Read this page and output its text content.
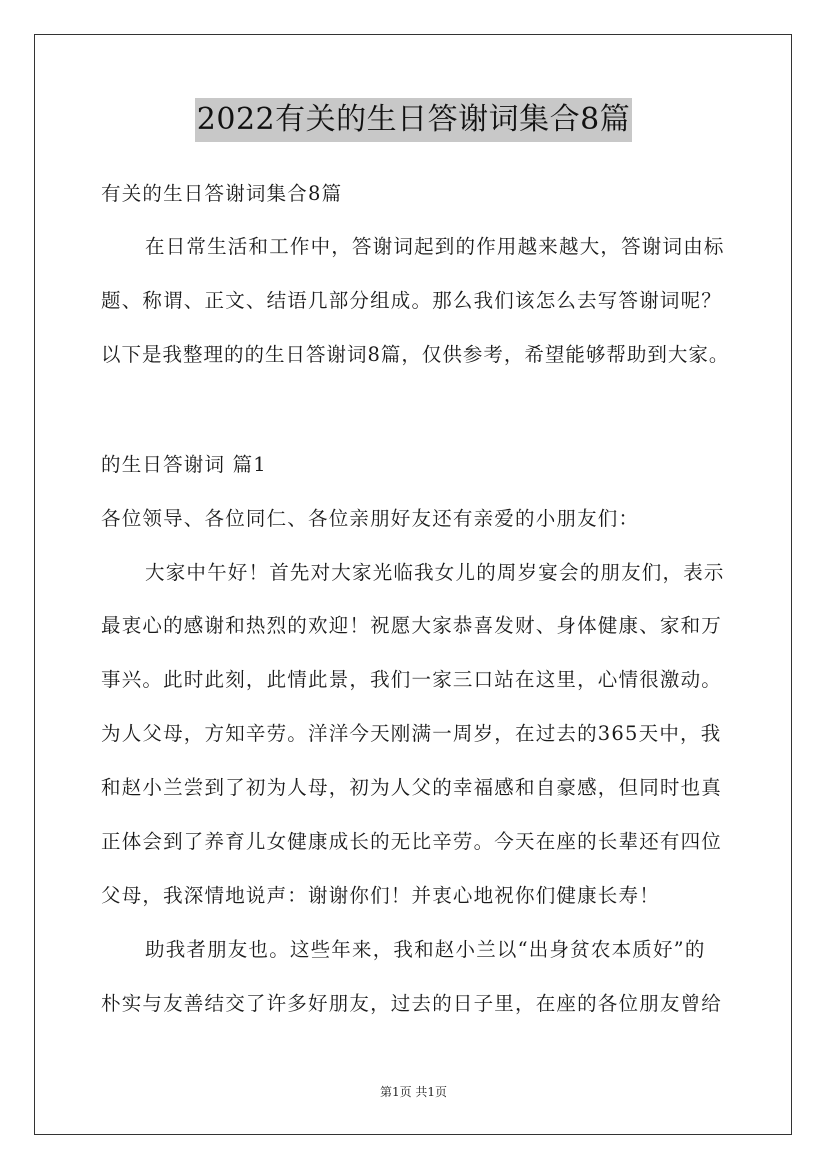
2022有关的生日答谢词集合8篇
有关的生日答谢词集合8篇
在日常生活和工作中，答谢词起到的作用越来越大，答谢词由标
题、称谓、正文、结语几部分组成。那么我们该怎么去写答谢词呢？
以下是我整理的的生日答谢词8篇，仅供参考，希望能够帮助到大家。
的生日答谢词 篇1
各位领导、各位同仁、各位亲朋好友还有亲爱的小朋友们：
大家中午好！首先对大家光临我女儿的周岁宴会的朋友们，表示
最衷心的感谢和热烈的欢迎！祝愿大家恭喜发财、身体健康、家和万
事兴。此时此刻，此情此景，我们一家三口站在这里，心情很激动。
为人父母，方知辛劳。洋洋今天刚满一周岁，在过去的365天中，我
和赵小兰尝到了初为人母，初为人父的幸福感和自豪感，但同时也真
正体会到了养育儿女健康成长的无比辛劳。今天在座的长辈还有四位
父母，我深情地说声：谢谢你们！并衷心地祝你们健康长寿！
助我者朋友也。这些年来，我和赵小兰以“出身贫农本质好”的
朴实与友善结交了许多好朋友，过去的日子里，在座的各位朋友曾给
第1页 共1页
